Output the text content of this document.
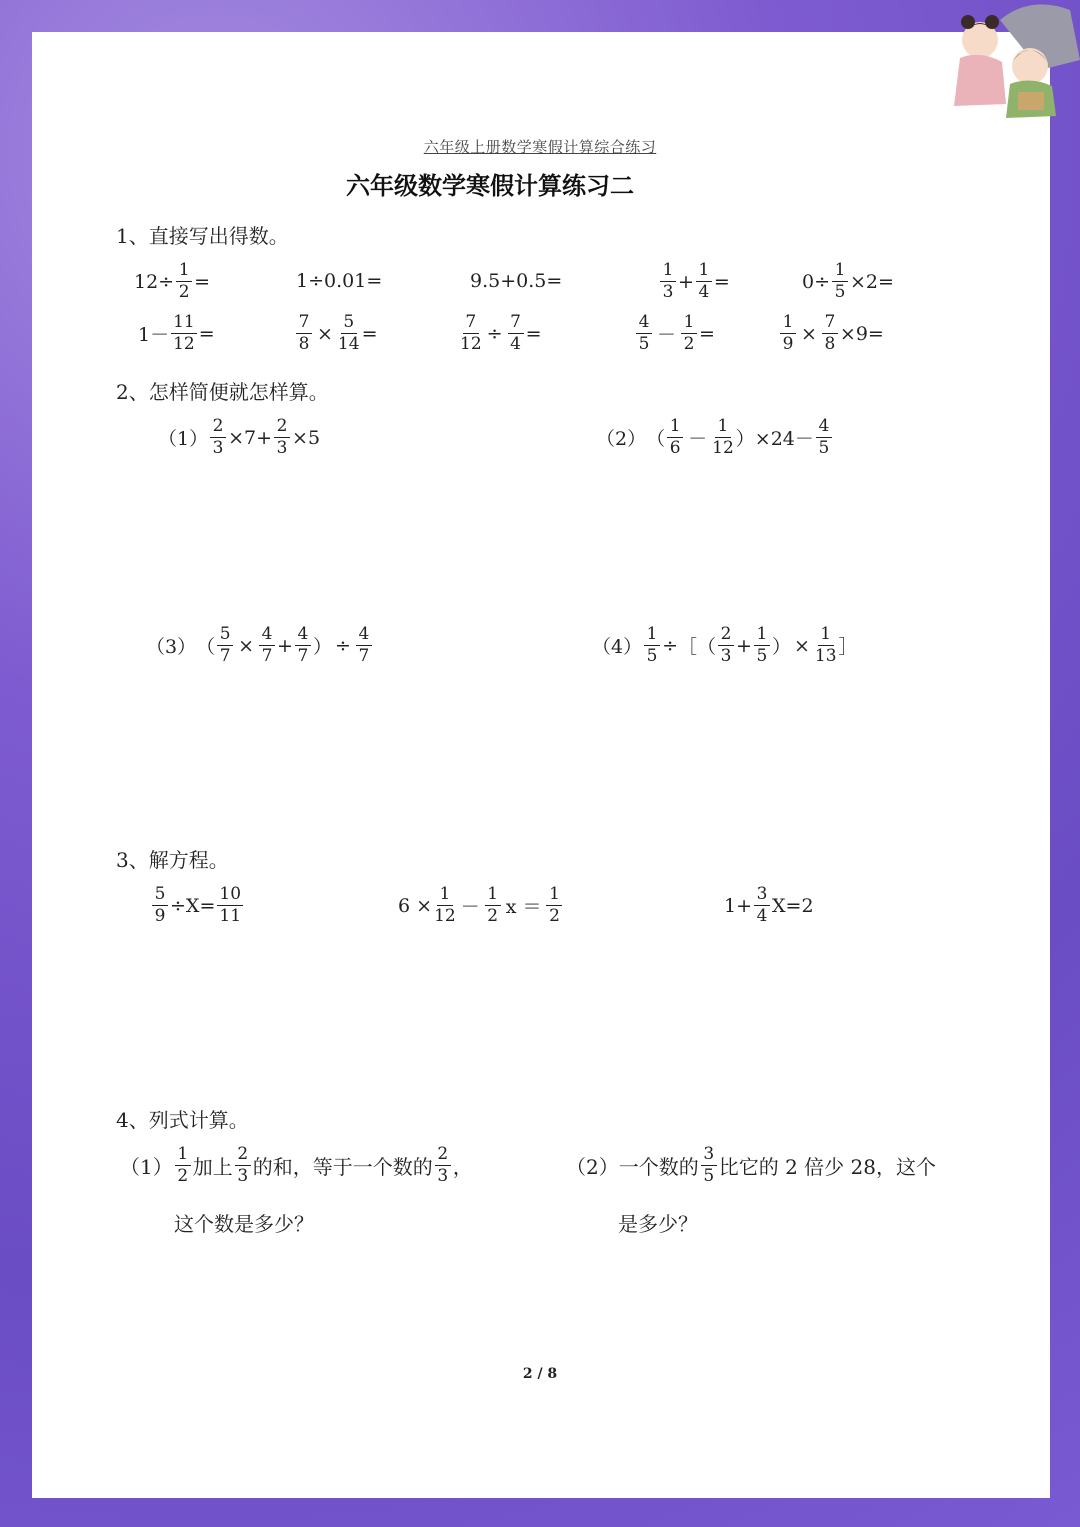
六年级上册数学寒假计算综合练习
六年级数学寒假计算练习二
1、直接写出得数。
$12\div \frac{1}{2}$ =	1÷0.01=	9.5+0.5=	$\frac{1}{3} + \frac{1}{4}$ =	$0\div \frac{1}{5} \times 2=$
$1- \frac{11}{12}$ =	$\frac{7}{8} \times \frac{5}{14}$ =	$\frac{7}{12} \div \frac{7}{4}$ =	$\frac{4}{5} - \frac{1}{2}$ =	$\frac{1}{9} \times \frac{7}{8} \times 9=$
2、怎样简便就怎样算。
$(1) \frac{2}{3} \times 7+ \frac{2}{3} \times 5$	（2） （ $\frac{1}{6} - \frac{1}{12}$ ） $\times 24- \frac{4}{5}$
（3） （ $\frac{5}{7} \times \frac{4}{7} + \frac{4}{7}$ ） ÷ $\frac{4}{7}$	$(4) \frac{1}{5}$ ÷ ［ （ $\frac{2}{3} + \frac{1}{5}$ ） × $\frac{1}{13}$ ］
3、解方程。
$\frac{5}{9} \div X= \frac{10}{11}$	$6 \times \frac{1}{12} - \frac{1}{2}$ $x = \frac{1}{2}$	$1+ \frac{3}{4} X=2$
4、列式计算。
$(1) \frac{1}{2}$ 加上 $\frac{2}{3}$ 的和，等于一个数的 $\frac{2}{3}$ ，
这个数是多少？
（2） 一个数的 $\frac{3}{5}$ 比它的 2 倍少 28，这个
是多少？
2 / 8
